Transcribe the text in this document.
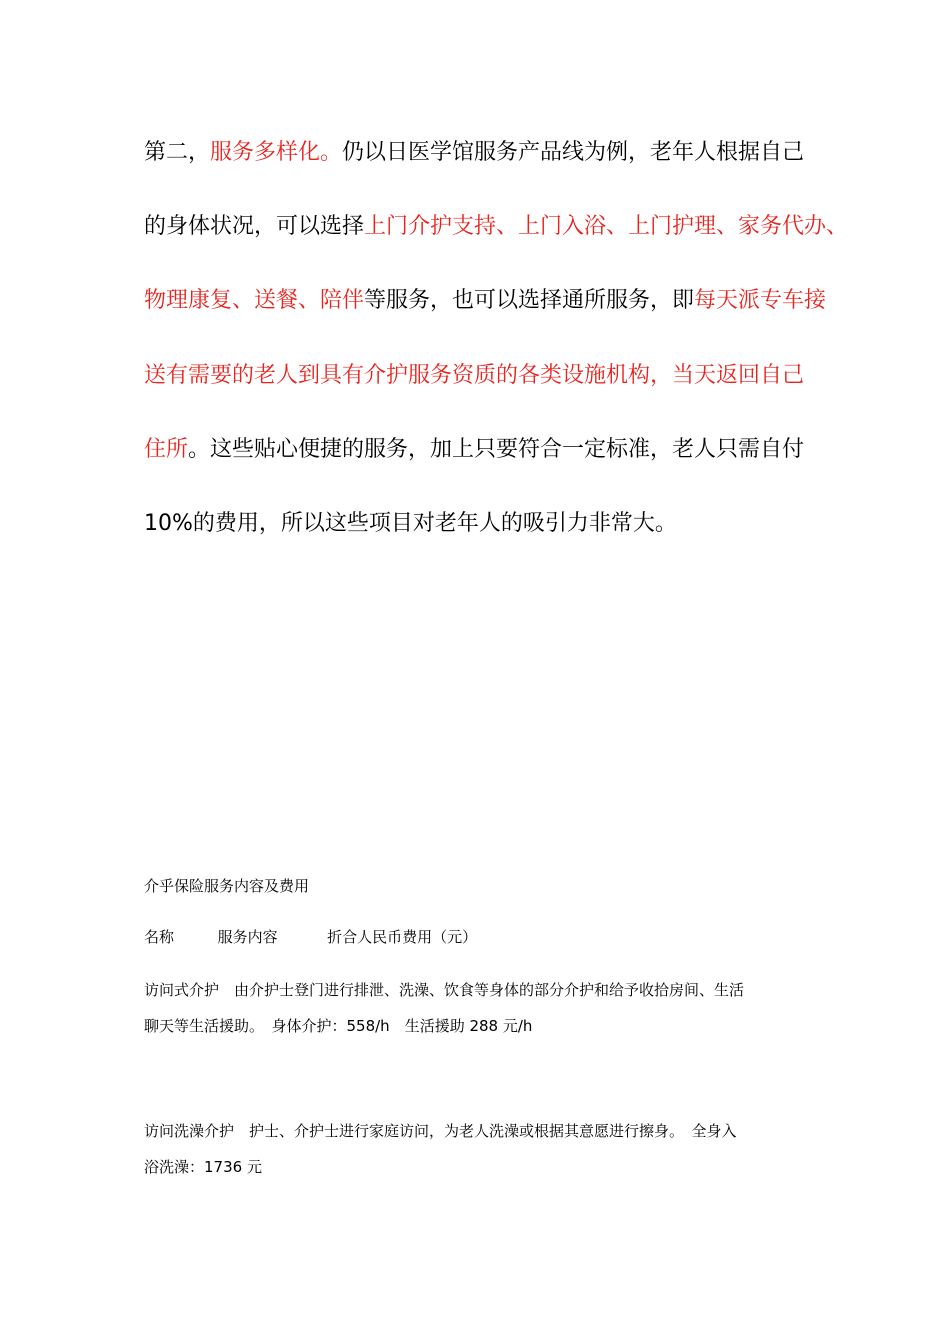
第二，服务多样化。仍以日医学馆服务产品线为例，老年人根据自己
的身体状况，可以选择上门介护支持、上门入浴、上门护理、家务代办、
物理康复、送餐、陪伴等服务，也可以选择通所服务，即每天派专车接
送有需要的老人到具有介护服务资质的各类设施机构，当天返回自己
住所。这些贴心便捷的服务，加上只要符合一定标准，老人只需自付
10%的费用，所以这些项目对老年人的吸引力非常大。
介乎保险服务内容及费用
名称	服务内容	折合人民币费用（元）
访问式介护　由介护士登门进行排泄、洗澡、饮食等身体的部分介护和给予收拾房间、生活
聊天等生活援助。　身体介护：558/h　生活援助 288 元/h
访问洗澡介护　护士、介护士进行家庭访问，为老人洗澡或根据其意愿进行擦身。　全身入
浴洗澡：1736 元
